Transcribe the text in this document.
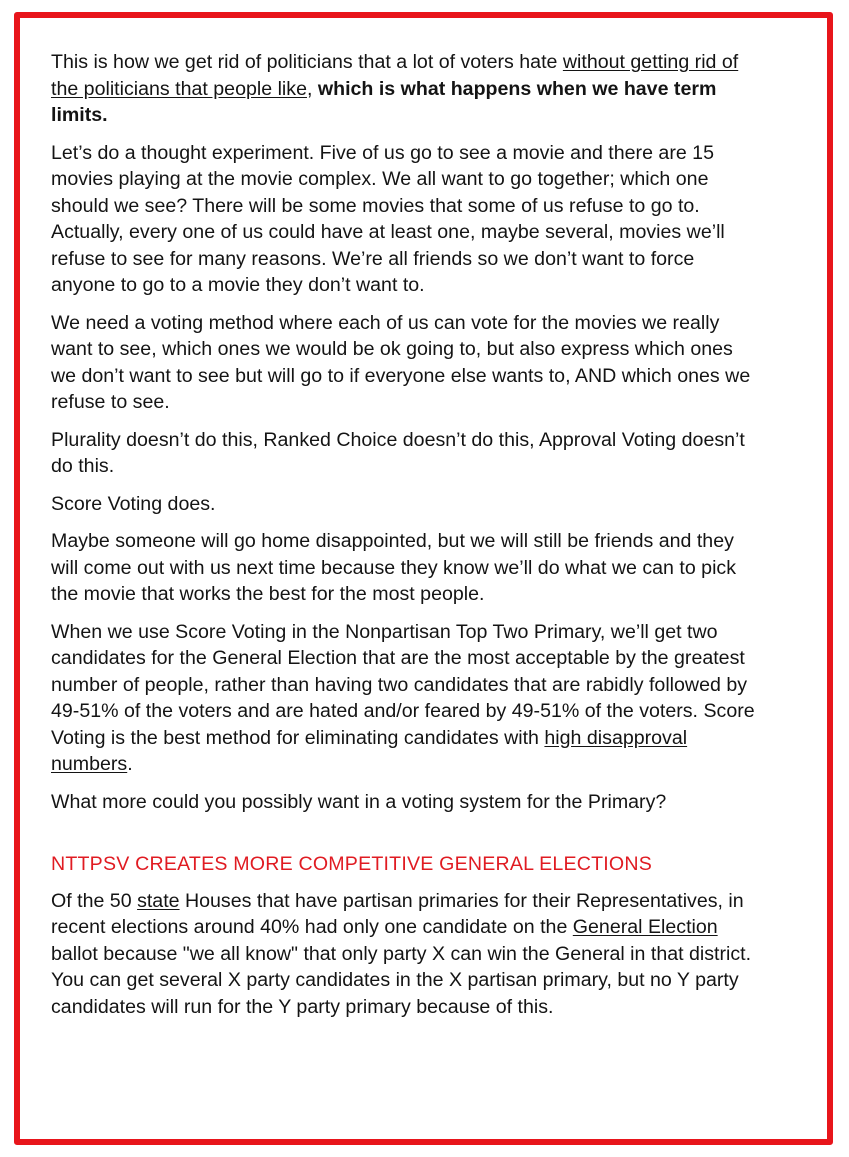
This is how we get rid of politicians that a lot of voters hate without getting rid of the politicians that people like, which is what happens when we have term limits.

Let’s do a thought experiment. Five of us go to see a movie and there are 15 movies playing at the movie complex. We all want to go together; which one should we see? There will be some movies that some of us refuse to go to. Actually, every one of us could have at least one, maybe several, movies we’ll refuse to see for many reasons. We’re all friends so we don’t want to force anyone to go to a movie they don’t want to.

We need a voting method where each of us can vote for the movies we really want to see, which ones we would be ok going to, but also express which ones we don’t want to see but will go to if everyone else wants to, AND which ones we refuse to see.

Plurality doesn’t do this, Ranked Choice doesn’t do this, Approval Voting doesn’t do this.

Score Voting does.

Maybe someone will go home disappointed, but we will still be friends and they will come out with us next time because they know we’ll do what we can to pick the movie that works the best for the most people.

When we use Score Voting in the Nonpartisan Top Two Primary, we’ll get two candidates for the General Election that are the most acceptable by the greatest number of people, rather than having two candidates that are rabidly followed by 49-51% of the voters and are hated and/or feared by 49-51% of the voters. Score Voting is the best method for eliminating candidates with high disapproval numbers.

What more could you possibly want in a voting system for the Primary?

NTTPSV CREATES MORE COMPETITIVE GENERAL ELECTIONS

Of the 50 state Houses that have partisan primaries for their Representatives, in recent elections around 40% had only one candidate on the General Election ballot because "we all know" that only party X can win the General in that district. You can get several X party candidates in the X partisan primary, but no Y party candidates will run for the Y party primary because of this.
